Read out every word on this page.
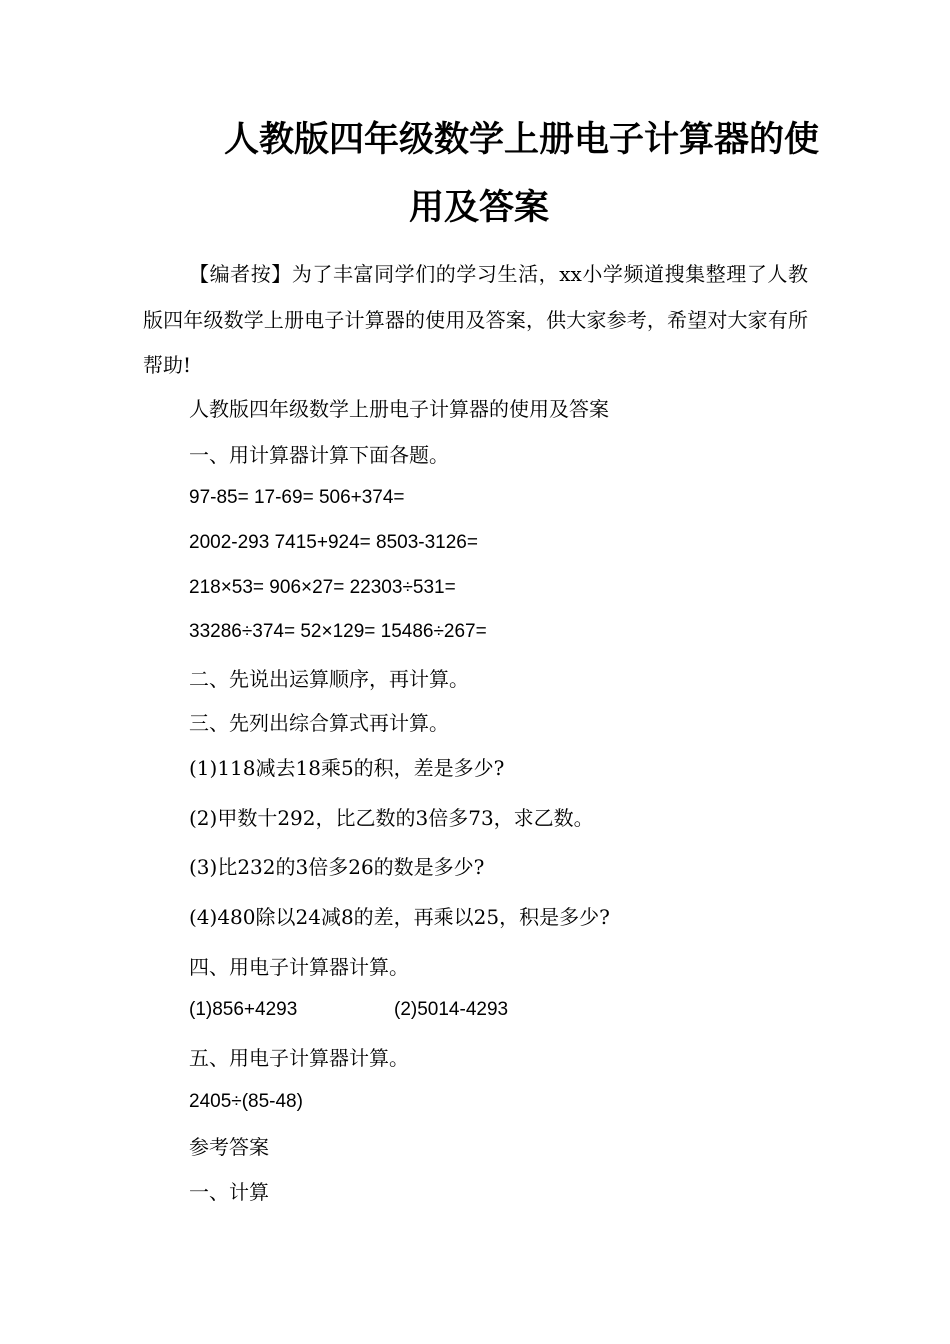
人教版四年级数学上册电子计算器的使
用及答案

【编者按】为了丰富同学们的学习生活，xx小学频道搜集整理了人教版四年级数学上册电子计算器的使用及答案，供大家参考，希望对大家有所帮助!

人教版四年级数学上册电子计算器的使用及答案
一、用计算器计算下面各题。
97-85= 17-69= 506+374=
2002-293 7415+924= 8503-3126=
218×53= 906×27= 22303÷531=
33286÷374= 52×129= 15486÷267=
二、先说出运算顺序，再计算。
三、先列出综合算式再计算。
(1)118减去18乘5的积，差是多少?
(2)甲数十292，比乙数的3倍多73，求乙数。
(3)比232的3倍多26的数是多少?
(4)480除以24减8的差，再乘以25，积是多少?
四、用电子计算器计算。
(1)856+4293	(2)5014-4293
五、用电子计算器计算。
2405÷(85-48)
参考答案
一、计算
